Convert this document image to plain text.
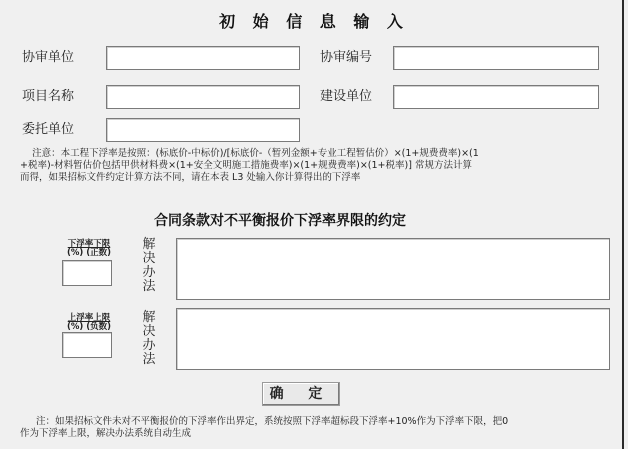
初 始 信 息 输 入
协审单位	协审编号
项目名称	建设单位
委托单位
注意：本工程下浮率是按照：(标底价-中标价)/[标底价-（暂列金额+专业工程暂估价）×(1+规费费率)×(1
+税率)-材料暂估价包括甲供材料费×(1+安全文明施工措施费率)×(1+规费费率)×(1+税率)] 常规方法计算
而得，如果招标文件约定计算方法不同，请在本表 L3 处输入你计算得出的下浮率
合同条款对不平衡报价下浮率界限的约定
下浮率下限
(%) (正数)
解
决
办
法
上浮率上限
(%) (负数)
解
决
办
法
确 定
注：如果招标文件未对不平衡报价的下浮率作出界定，系统按照下浮率超标段下浮率+10%作为下浮率下限，把0
作为下浮率上限，解决办法系统自动生成
